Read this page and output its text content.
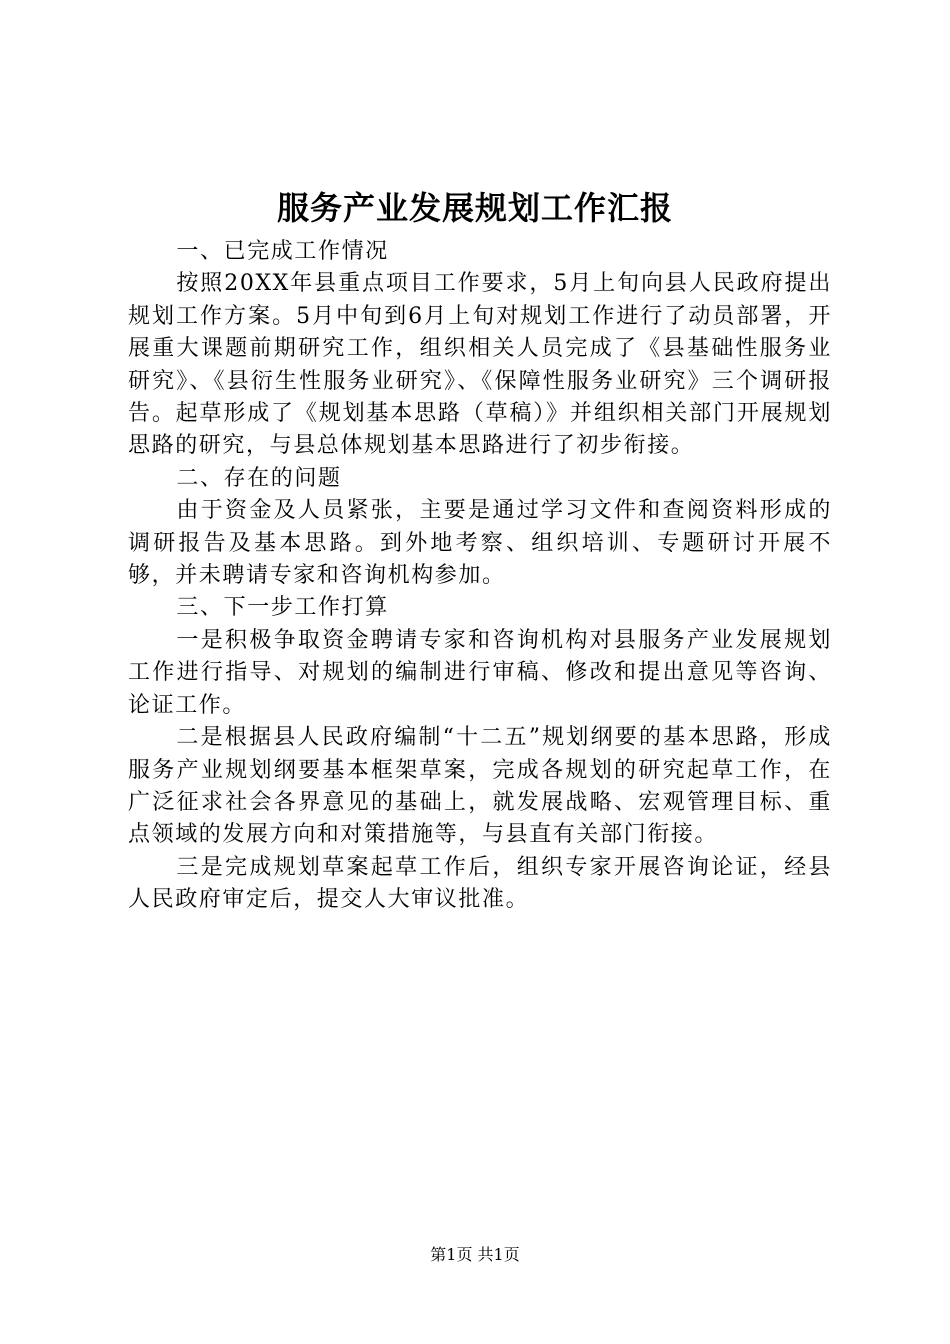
服务产业发展规划工作汇报

一、已完成工作情况

按照20XX年县重点项目工作要求，5月上旬向县人民政府提出规划工作方案。5月中旬到6月上旬对规划工作进行了动员部署，开展重大课题前期研究工作，组织相关人员完成了《县基础性服务业研究》、《县衍生性服务业研究》、《保障性服务业研究》三个调研报告。起草形成了《规划基本思路（草稿）》并组织相关部门开展规划思路的研究，与县总体规划基本思路进行了初步衔接。

二、存在的问题

由于资金及人员紧张，主要是通过学习文件和查阅资料形成的调研报告及基本思路。到外地考察、组织培训、专题研讨开展不够，并未聘请专家和咨询机构参加。

三、下一步工作打算

一是积极争取资金聘请专家和咨询机构对县服务产业发展规划工作进行指导、对规划的编制进行审稿、修改和提出意见等咨询、论证工作。

二是根据县人民政府编制“十二五”规划纲要的基本思路，形成服务产业规划纲要基本框架草案，完成各规划的研究起草工作，在广泛征求社会各界意见的基础上，就发展战略、宏观管理目标、重点领域的发展方向和对策措施等，与县直有关部门衔接。

三是完成规划草案起草工作后，组织专家开展咨询论证，经县人民政府审定后，提交人大审议批准。

第1页 共1页
